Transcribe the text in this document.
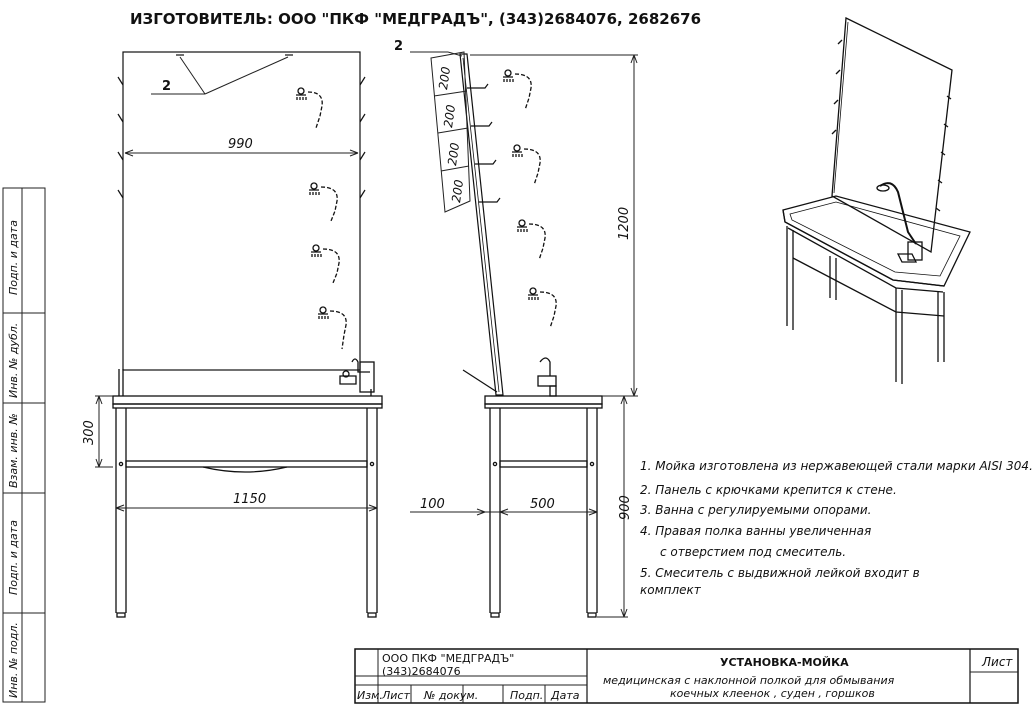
ИЗГОТОВИТЕЛЬ: ООО "ПКФ "МЕДГРАДЪ", (343)2684076, 2682676
Подп. и дата
Инв. № дубл.
Взам. инв. №
Подп. и дата
Инв. № подл.
2
990
300
1150
200
200
200
200
2
1200
900
100	500
1. Мойка изготовлена из нержавеющей стали марки AISI 304.
2. Панель с крючками крепится к стене.
3. Ванна с регулируемыми опорами.
4. Правая полка ванны увеличенная
с отверстием под смеситель.
5. Смеситель с выдвижной лейкой входит в
комплект
ООО ПКФ "МЕДГРАДЪ"
(343)2684076
Изм. Лист № докум.	Подп. Дата
УСТАНОВКА-МОЙКА
медицинская с наклонной полкой для обмывания
коечных клеенок , суден , горшков
Лист
